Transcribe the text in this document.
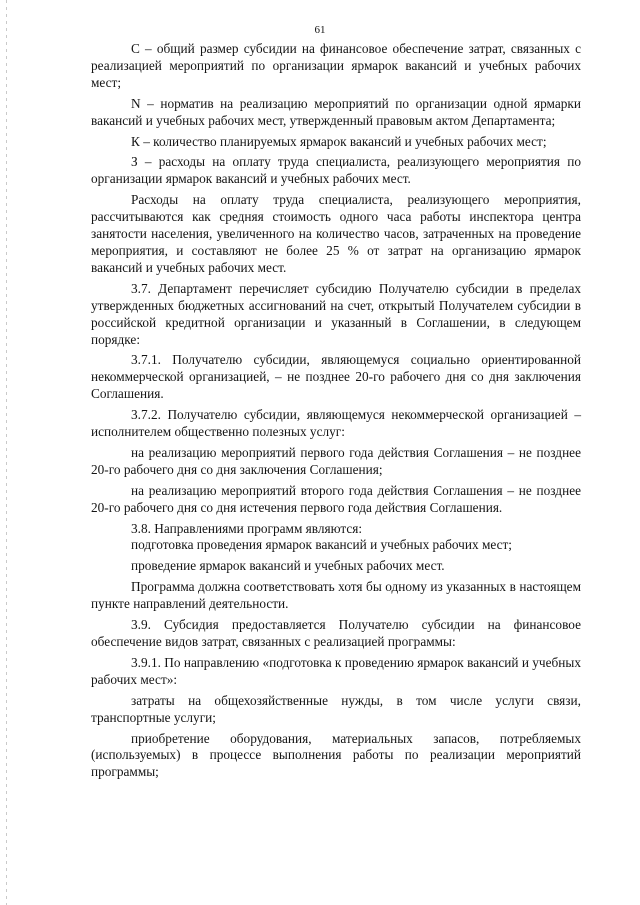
61

С – общий размер субсидии на финансовое обеспечение затрат, связанных с реализацией мероприятий по организации ярмарок вакансий и учебных рабочих мест;

N – норматив на реализацию мероприятий по организации одной ярмарки вакансий и учебных рабочих мест, утвержденный правовым актом Департамента;

К – количество планируемых ярмарок вакансий и учебных рабочих мест;

З – расходы на оплату труда специалиста, реализующего мероприятия по организации ярмарок вакансий и учебных рабочих мест.

Расходы на оплату труда специалиста, реализующего мероприятия, рассчитываются как средняя стоимость одного часа работы инспектора центра занятости населения, увеличенного на количество часов, затраченных на проведение мероприятия, и составляют не более 25 % от затрат на организацию ярмарок вакансий и учебных рабочих мест.

3.7. Департамент перечисляет субсидию Получателю субсидии в пределах утвержденных бюджетных ассигнований на счет, открытый Получателем субсидии в российской кредитной организации и указанный в Соглашении, в следующем порядке:

3.7.1. Получателю субсидии, являющемуся социально ориентированной некоммерческой организацией, – не позднее 20-го рабочего дня со дня заключения Соглашения.

3.7.2. Получателю субсидии, являющемуся некоммерческой организацией – исполнителем общественно полезных услуг:

на реализацию мероприятий первого года действия Соглашения – не позднее 20-го рабочего дня со дня заключения Соглашения;

на реализацию мероприятий второго года действия Соглашения – не позднее 20-го рабочего дня со дня истечения первого года действия Соглашения.

3.8. Направлениями программ являются:

подготовка проведения ярмарок вакансий и учебных рабочих мест;

проведение ярмарок вакансий и учебных рабочих мест.

Программа должна соответствовать хотя бы одному из указанных в настоящем пункте направлений деятельности.

3.9. Субсидия предоставляется Получателю субсидии на финансовое обеспечение видов затрат, связанных с реализацией программы:

3.9.1. По направлению «подготовка к проведению ярмарок вакансий и учебных рабочих мест»:

затраты на общехозяйственные нужды, в том числе услуги связи, транспортные услуги;

приобретение оборудования, материальных запасов, потребляемых (используемых) в процессе выполнения работы по реализации мероприятий программы;
